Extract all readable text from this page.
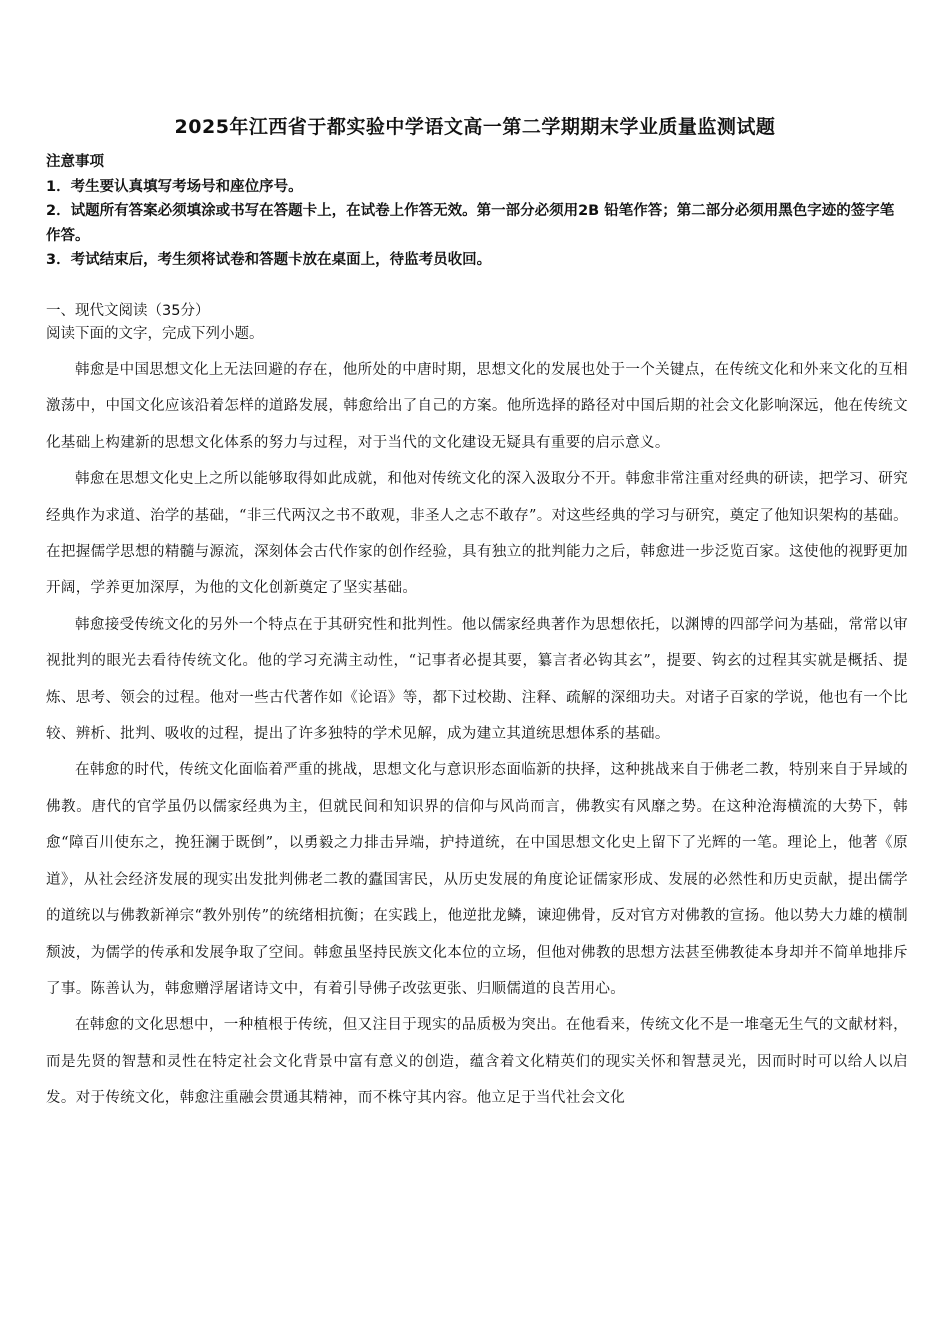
2025年江西省于都实验中学语文高一第二学期期末学业质量监测试题
注意事项
1．考生要认真填写考场号和座位序号。
2．试题所有答案必须填涂或书写在答题卡上，在试卷上作答无效。第一部分必须用2B 铅笔作答；第二部分必须用黑色字迹的签字笔作答。
3．考试结束后，考生须将试卷和答题卡放在桌面上，待监考员收回。
一、现代文阅读（35分）
阅读下面的文字，完成下列小题。

韩愈是中国思想文化上无法回避的存在，他所处的中唐时期，思想文化的发展也处于一个关键点，在传统文化和外来文化的互相激荡中，中国文化应该沿着怎样的道路发展，韩愈给出了自己的方案。他所选择的路径对中国后期的社会文化影响深远，他在传统文化基础上构建新的思想文化体系的努力与过程，对于当代的文化建设无疑具有重要的启示意义。

韩愈在思想文化史上之所以能够取得如此成就，和他对传统文化的深入汲取分不开。韩愈非常注重对经典的研读，把学习、研究经典作为求道、治学的基础，“非三代两汉之书不敢观，非圣人之志不敢存”。对这些经典的学习与研究，奠定了他知识架构的基础。在把握儒学思想的精髓与源流，深刻体会古代作家的创作经验，具有独立的批判能力之后，韩愈进一步泛览百家。这使他的视野更加开阔，学养更加深厚，为他的文化创新奠定了坚实基础。

韩愈接受传统文化的另外一个特点在于其研究性和批判性。他以儒家经典著作为思想依托，以渊博的四部学问为基础，常常以审视批判的眼光去看待传统文化。他的学习充满主动性，“记事者必提其要，纂言者必钩其玄”，提要、钩玄的过程其实就是概括、提炼、思考、领会的过程。他对一些古代著作如《论语》等，都下过校勘、注释、疏解的深细功夫。对诸子百家的学说，他也有一个比较、辨析、批判、吸收的过程，提出了许多独特的学术见解，成为建立其道统思想体系的基础。

在韩愈的时代，传统文化面临着严重的挑战，思想文化与意识形态面临新的抉择，这种挑战来自于佛老二教，特别来自于异域的佛教。唐代的官学虽仍以儒家经典为主，但就民间和知识界的信仰与风尚而言，佛教实有风靡之势。在这种沧海横流的大势下，韩愈“障百川使东之，挽狂澜于既倒”，以勇毅之力排击异端，护持道统，在中国思想文化史上留下了光辉的一笔。理论上，他著《原道》，从社会经济发展的现实出发批判佛老二教的蠹国害民，从历史发展的角度论证儒家形成、发展的必然性和历史贡献，提出儒学的道统以与佛教新禅宗“教外别传”的统绪相抗衡；在实践上，他逆批龙鳞，谏迎佛骨，反对官方对佛教的宣扬。他以势大力雄的横制颓波，为儒学的传承和发展争取了空间。韩愈虽坚持民族文化本位的立场，但他对佛教的思想方法甚至佛教徒本身却并不简单地排斥了事。陈善认为，韩愈赠浮屠诸诗文中，有着引导佛子改弦更张、归顺儒道的良苦用心。

在韩愈的文化思想中，一种植根于传统，但又注目于现实的品质极为突出。在他看来，传统文化不是一堆毫无生气的文献材料，而是先贤的智慧和灵性在特定社会文化背景中富有意义的创造，蕴含着文化精英们的现实关怀和智慧灵光，因而时时可以给人以启发。对于传统文化，韩愈注重融会贯通其精神，而不株守其内容。他立足于当代社会文化
